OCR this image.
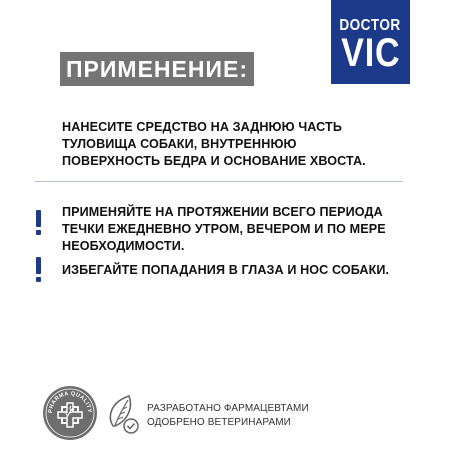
DOCTOR
VIC
ПРИМЕНЕНИЕ:
НАНЕСИТЕ СРЕДСТВО НА ЗАДНЮЮ ЧАСТЬ ТУЛОВИЩА СОБАКИ, ВНУТРЕННЮЮ ПОВЕРХНОСТЬ БЕДРА И ОСНОВАНИЕ ХВОСТА.
ПРИМЕНЯЙТЕ НА ПРОТЯЖЕНИИ ВСЕГО ПЕРИОДА ТЕЧКИ ЕЖЕДНЕВНО УТРОМ, ВЕЧЕРОМ И ПО МЕРЕ НЕОБХОДИМОСТИ.
ИЗБЕГАЙТЕ ПОПАДАНИЯ В ГЛАЗА И НОС СОБАКИ.
PHARMA QUALITY	РАЗРАБОТАНО ФАРМАЦЕВТАМИ
ОДОБРЕНО ВЕТЕРИНАРАМИ
